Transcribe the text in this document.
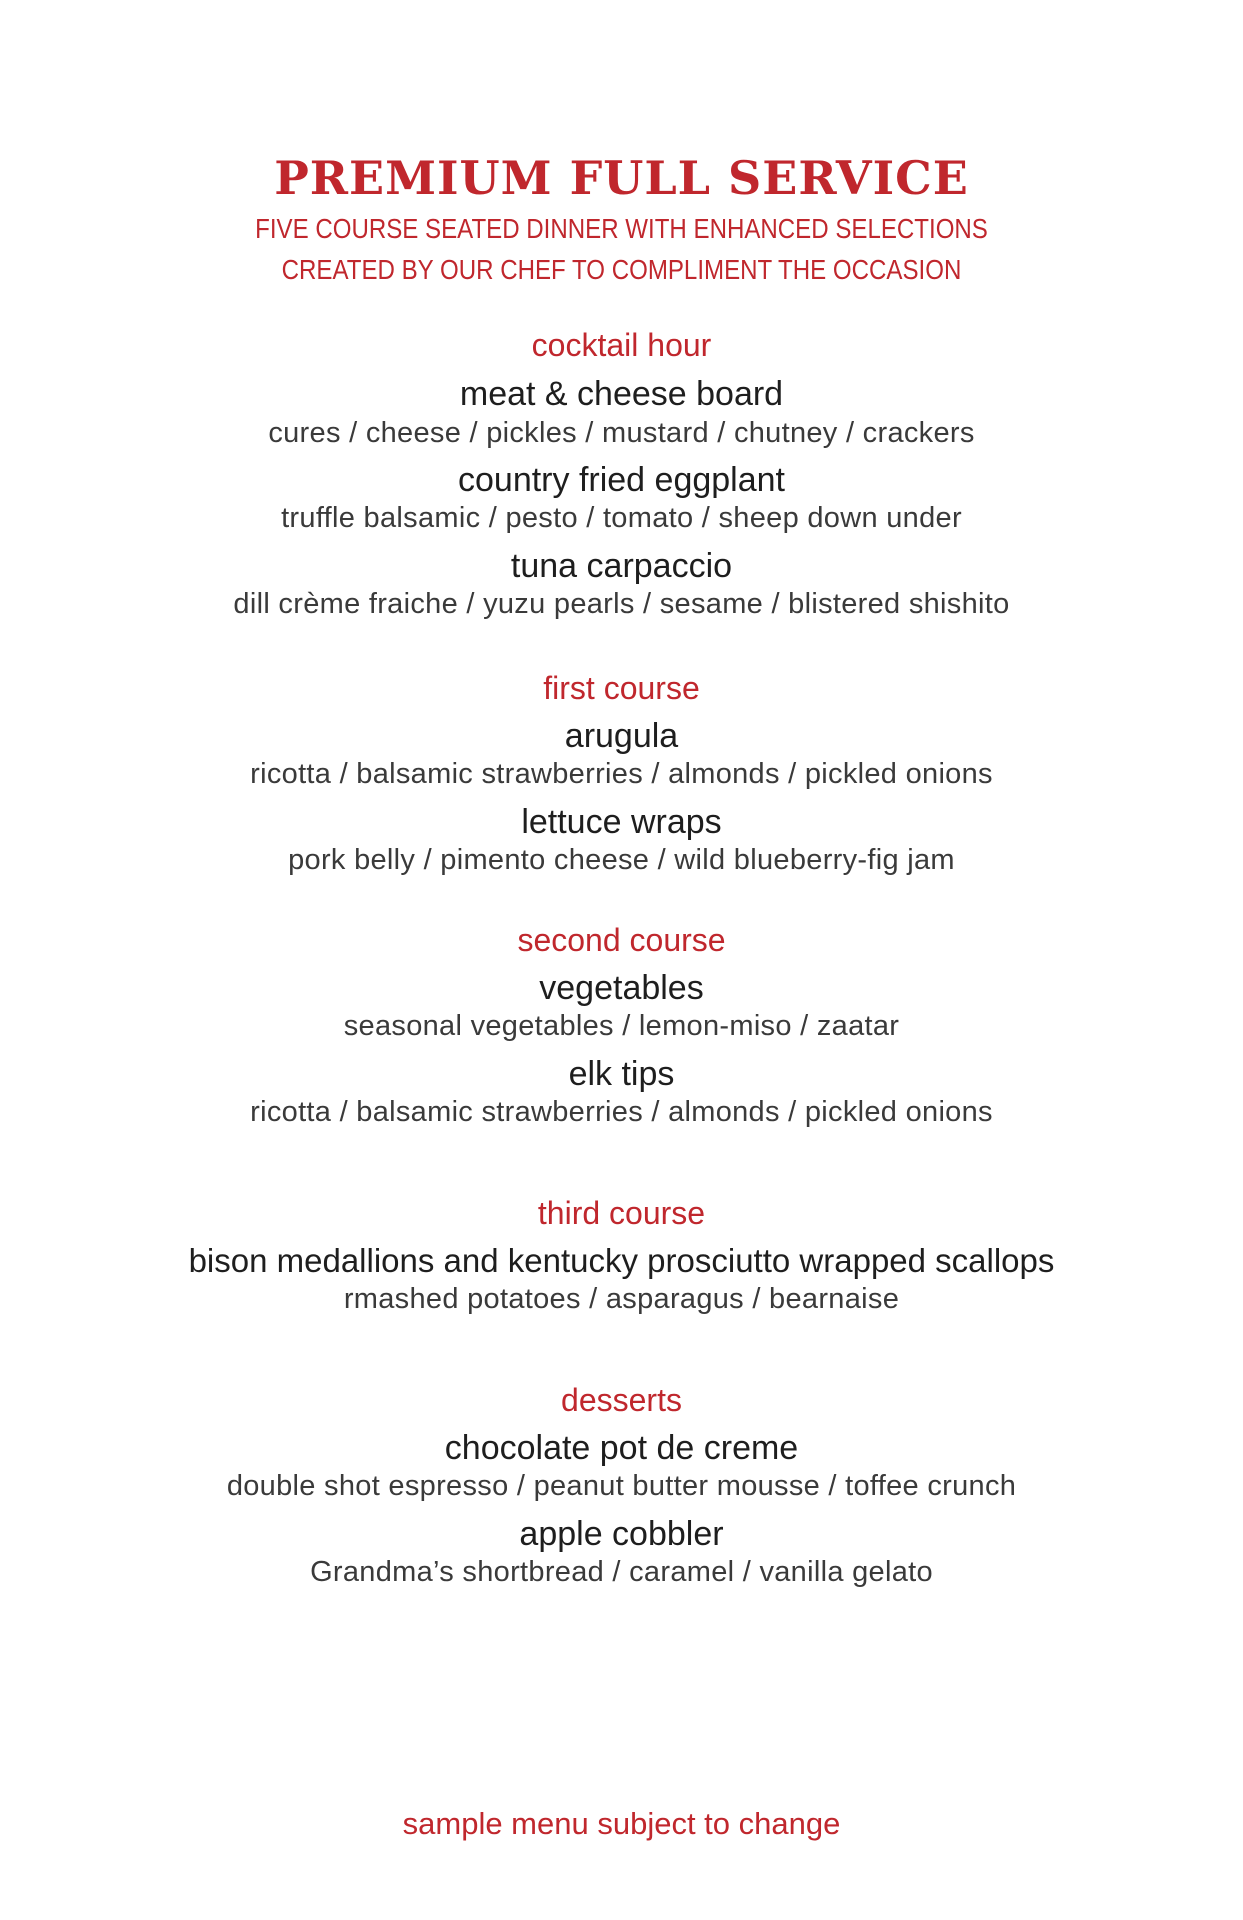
PREMIUM FULL SERVICE
FIVE COURSE SEATED DINNER WITH ENHANCED SELECTIONS
CREATED BY OUR CHEF TO COMPLIMENT THE OCCASION
cocktail hour
meat & cheese board
cures / cheese / pickles / mustard / chutney / crackers
country fried eggplant
truffle balsamic / pesto / tomato / sheep down under
tuna carpaccio
dill crème fraiche / yuzu pearls / sesame / blistered shishito
first course
arugula
ricotta / balsamic strawberries / almonds / pickled onions
lettuce wraps
pork belly / pimento cheese / wild blueberry-fig jam
second course
vegetables
seasonal vegetables / lemon-miso / zaatar
elk tips
ricotta / balsamic strawberries / almonds / pickled onions
third course
bison medallions and kentucky prosciutto wrapped scallops
rmashed potatoes / asparagus / bearnaise
desserts
chocolate pot de creme
double shot espresso / peanut butter mousse / toffee crunch
apple cobbler
Grandma’s shortbread / caramel / vanilla gelato
sample menu subject to change
